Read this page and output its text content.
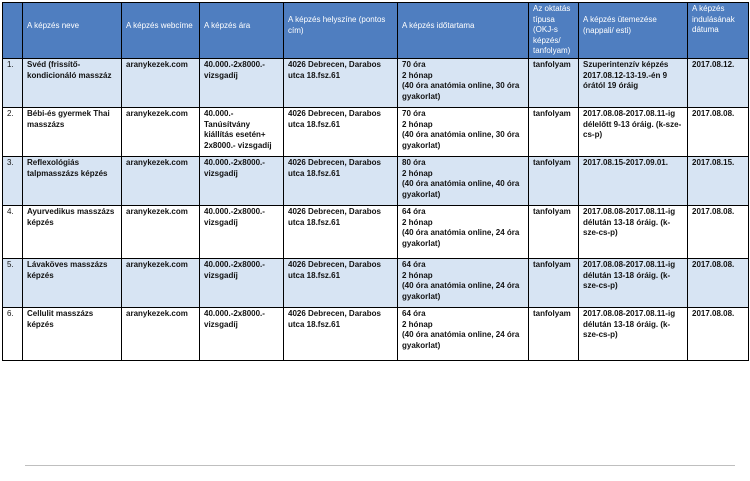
	A képzés neve	A képzés webcíme	A képzés ára	A képzés helyszíne (pontos cím)	A képzés időtartama	Az oktatás típusa (OKJ-s képzés/ tanfolyam)	A képzés ütemezése (nappali/ esti)	A képzés indulásának dátuma
1.	Svéd (frissítő-kondicionáló masszáz	aranykezek.com	40.000.-2x8000.- vizsgadíj	4026 Debrecen, Darabos utca 18.fsz.61	70 óra
2 hónap
(40 óra anatómia online, 30 óra gyakorlat)	tanfolyam	Szuperintenzív képzés 2017.08.12-13-19.-én 9 órától 19 óráig	2017.08.12.
2.	Bébi-és gyermek Thai masszázs	aranykezek.com	40.000.- Tanúsítvány kiállítás esetén+ 2x8000.- vizsgadíj	4026 Debrecen, Darabos utca 18.fsz.61	70 óra
2 hónap
(40 óra anatómia online, 30 óra gyakorlat)	tanfolyam	2017.08.08-2017.08.11-ig délelőtt 9-13 óráig. (k-sze-cs-p)	2017.08.08.
3.	Reflexológiás talpmasszázs képzés	aranykezek.com	40.000.-2x8000.- vizsgadíj	4026 Debrecen, Darabos utca 18.fsz.61	80 óra
2 hónap
(40 óra anatómia online, 40 óra gyakorlat)	tanfolyam	2017.08.15-2017.09.01.	2017.08.15.
4.	Ayurvedikus masszázs képzés	aranykezek.com	40.000.-2x8000.- vizsgadíj	4026 Debrecen, Darabos utca 18.fsz.61	64 óra
2 hónap
(40 óra anatómia online, 24 óra gyakorlat)	tanfolyam	2017.08.08-2017.08.11-ig délután 13-18 óráig. (k-sze-cs-p)	2017.08.08.
5.	Lávaköves masszázs képzés	aranykezek.com	40.000.-2x8000.- vizsgadíj	4026 Debrecen, Darabos utca 18.fsz.61	64 óra
2 hónap
(40 óra anatómia online, 24 óra gyakorlat)	tanfolyam	2017.08.08-2017.08.11-ig délután 13-18 óráig. (k-sze-cs-p)	2017.08.08.
6.	Cellulit masszázs képzés	aranykezek.com	40.000.-2x8000.- vizsgadíj	4026 Debrecen, Darabos utca 18.fsz.61	64 óra
2 hónap
(40 óra anatómia online, 24 óra gyakorlat)	tanfolyam	2017.08.08-2017.08.11-ig délután 13-18 óráig. (k-sze-cs-p)	2017.08.08.
